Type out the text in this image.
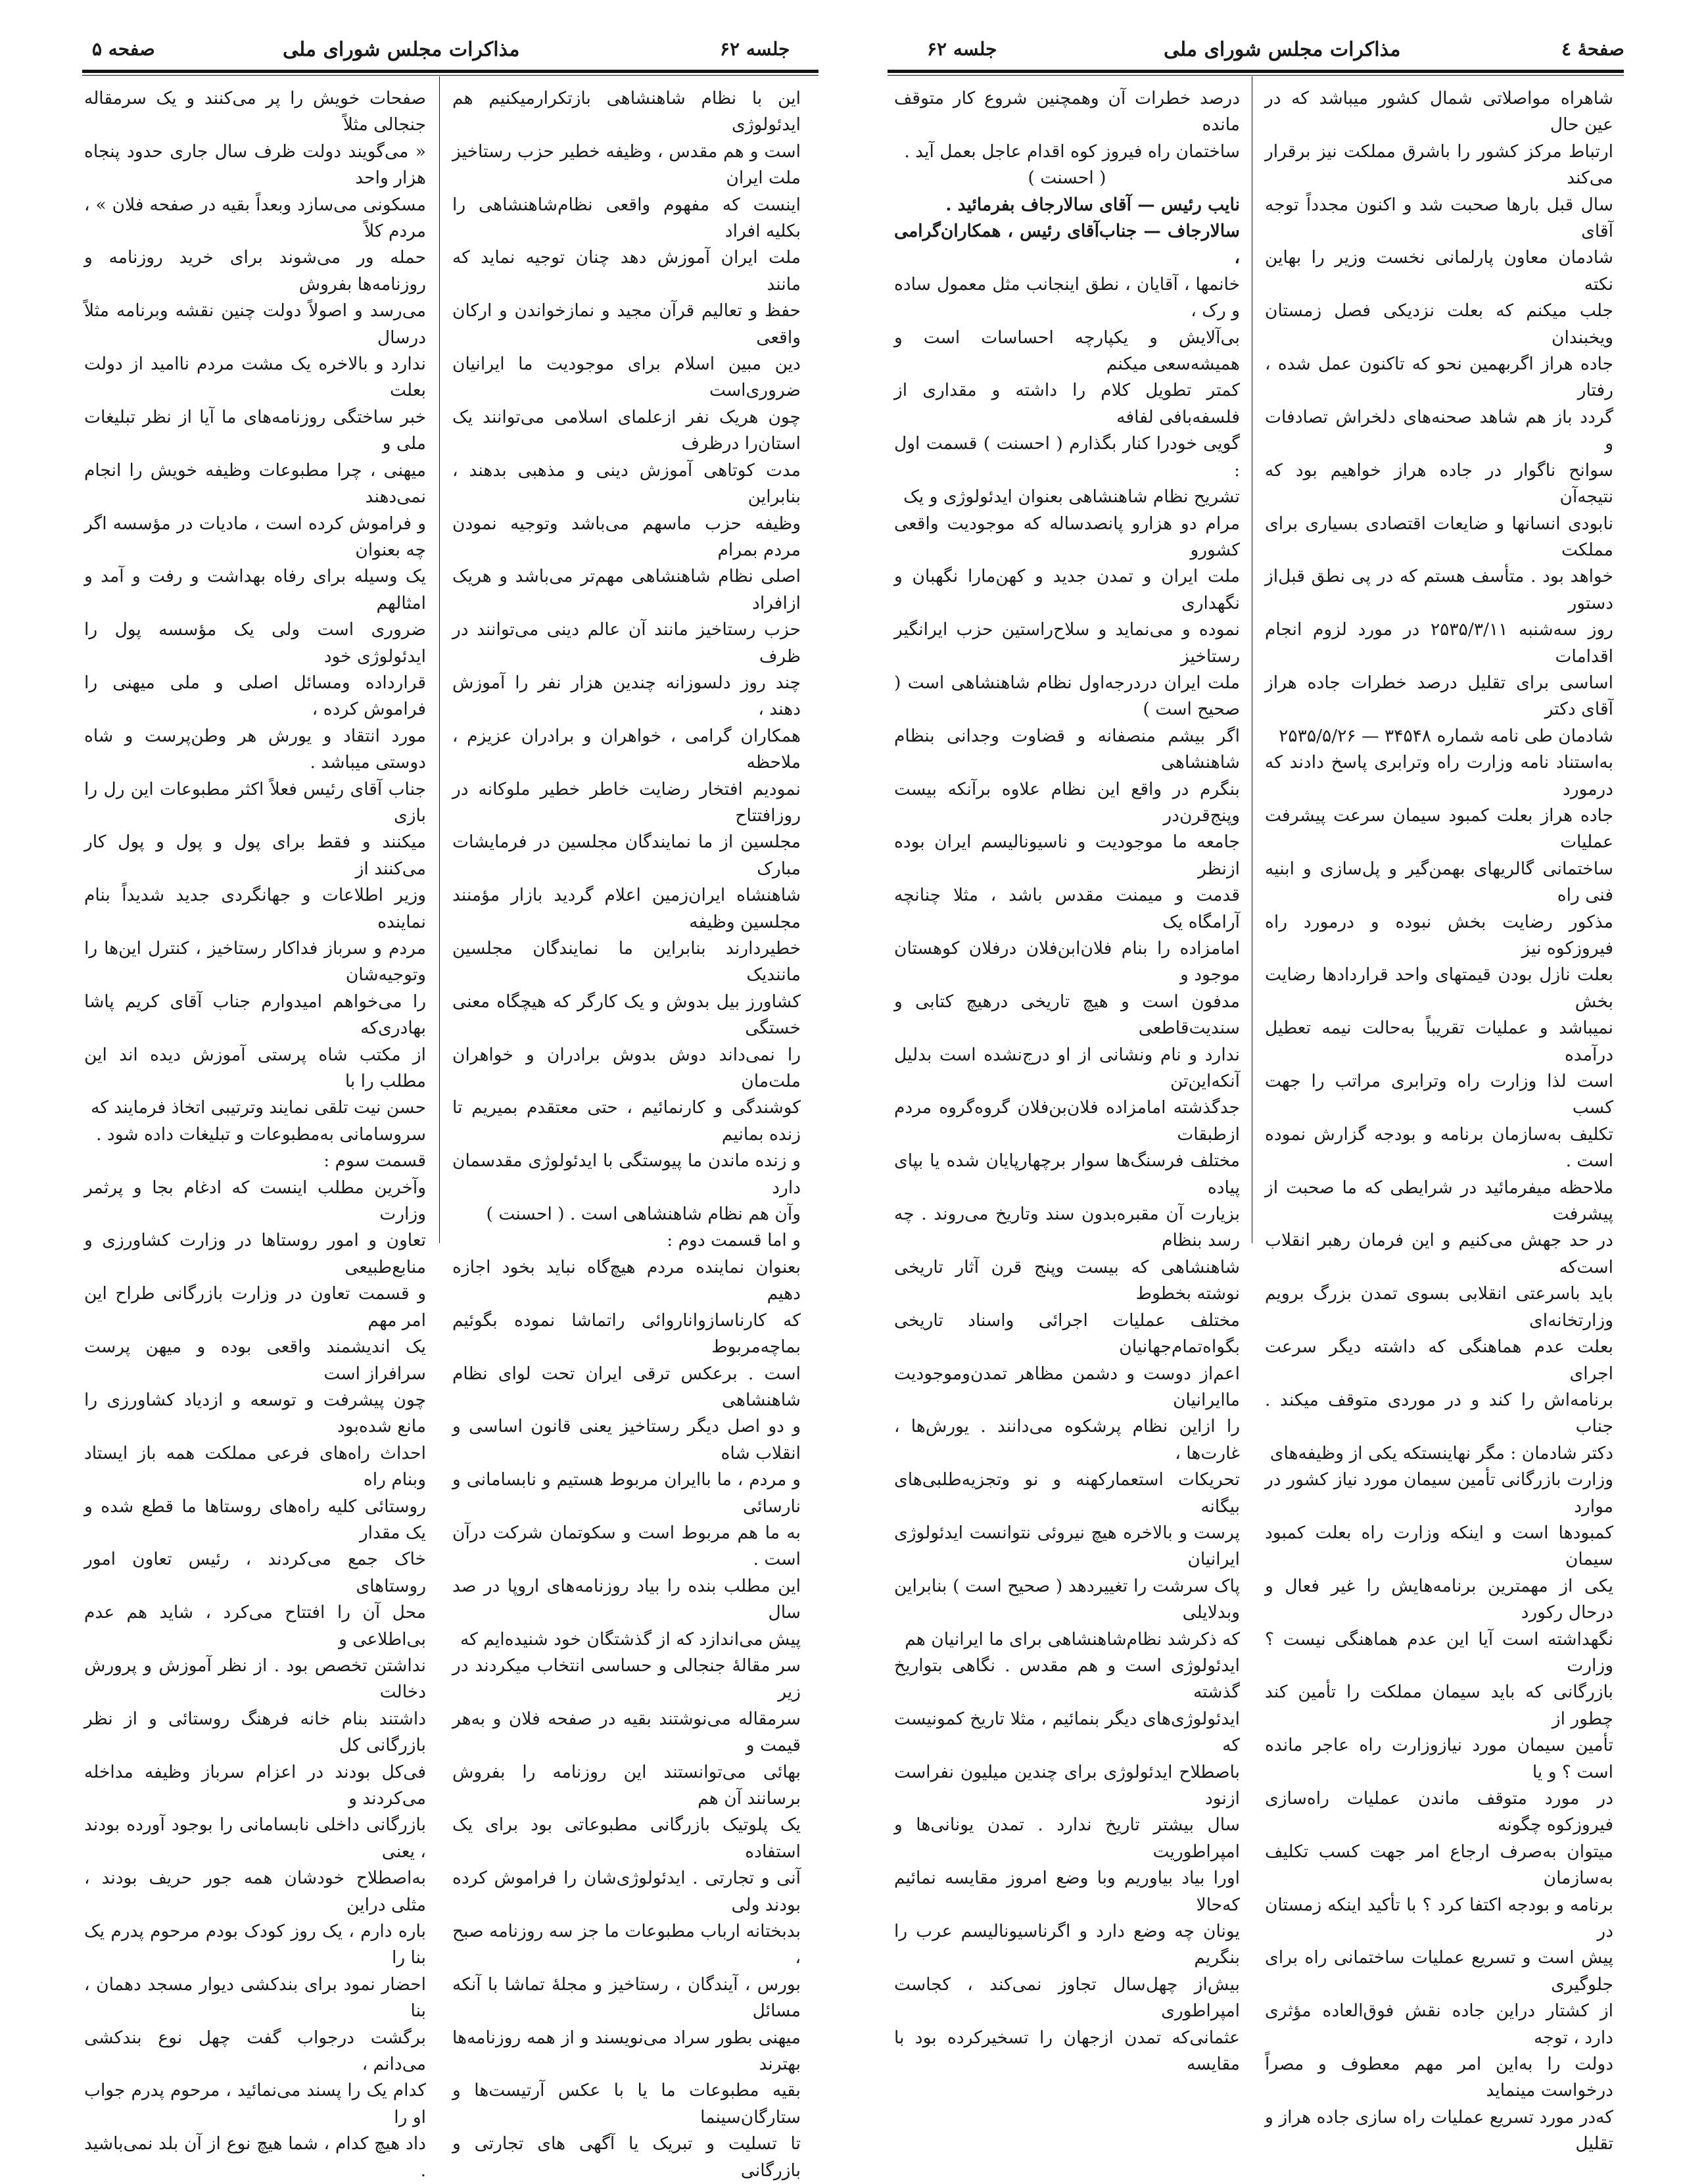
صفحه ۵	مذاکرات مجلس شورای ملی	جلسه ۶۲

صفحات خویش را پر می‌کنند و یک سرمقاله جنجالی مثلاً

« می‌گویند دولت ظرف سال جاری حدود پنجاه هزار واحد

مسکونی می‌سازد وبعداً بقیه در صفحه فلان » ، مردم کلاً

حمله ور می‌شوند برای خرید روزنامه و روزنامه‌ها بفروش

می‌رسد و اصولاً دولت چنین نقشه وبرنامه مثلاً درسال

ندارد و بالاخره یک مشت مردم ناامید از دولت بعلت

خبر ساختگی روزنامه‌های ما آیا از نظر تبلیغات ملی و

میهنی ، چرا مطبوعات وظیفه خویش را انجام نمی‌دهند

و فراموش کرده است ، مادیات در مؤسسه اگر چه بعنوان

یک وسیله برای رفاه بهداشت و رفت و آمد و امثالهم

ضروری است ولی یک مؤسسه پول را ایدئولوژی خود

قرارداده ومسائل اصلی و ملی میهنی را فراموش کرده ،

مورد انتقاد و یورش هر وطن‌پرست و شاه دوستی میباشد .

جناب آقای رئیس فعلاً اکثر مطبوعات این رل را بازی

میکنند و فقط برای پول و پول و پول کار می‌کنند از

وزیر اطلاعات و جهانگردی جدید شدیداً بنام نماینده

مردم و سرباز فداکار رستاخیز ، کنترل این‌ها را وتوجیه‌شان

را می‌خواهم امیدوارم جناب آقای کریم پاشا بهادری‌که

از مکتب شاه پرستی آموزش دیده اند این مطلب را با

حسن نیت تلقی نمایند وترتیبی اتخاذ فرمایند که

سروسامانی به‌مطبوعات و تبلیغات داده شود .

قسمت سوم :

وآخرین مطلب اینست که ادغام بجا و پرثمر وزارت

تعاون و امور روستاها در وزارت کشاورزی و منابع‌طبیعی

و قسمت تعاون در وزارت بازرگانی طراح این امر مهم

یک اندیشمند واقعی بوده و میهن پرست سرافراز است

چون پیشرفت و توسعه و ازدیاد کشاورزی را مانع شده‌بود

احداث راه‌های فرعی مملکت همه باز ایستاد وبنام راه

روستائی کلیه راه‌های روستاها ما قطع شده و یک مقدار

خاک جمع می‌کردند ، رئیس تعاون امور روستاهای

محل آن را افتتاح می‌کرد ، شاید هم عدم بی‌اطلاعی و

نداشتن تخصص بود . از نظر آموزش و پرورش دخالت

داشتند بنام خانه فرهنگ روستائی و از نظر بازرگانی کل

فی‌کل بودند در اعزام سرباز وظیفه مداخله می‌کردند و

بازرگانی داخلی نابسامانی را بوجود آورده بودند ، یعنی

به‌اصطلاح خودشان همه جور حریف بودند ، مثلی دراین

باره دارم ، یک روز کودک بودم مرحوم پدرم یک بنا را

احضار نمود برای بندکشی دیوار مسجد دهمان ، بنا

برگشت درجواب گفت چهل نوع بندکشی می‌دانم ،

کدام یک را پسند می‌نمائید ، مرحوم پدرم جواب او را

داد هیچ کدام ، شما هیچ نوع از آن بلد نمی‌باشید .

این با نظام شاهنشاهی بازتکرارمیکنیم هم ایدئولوژی

است و هم مقدس ، وظیفه خطیر حزب رستاخیز ملت ایران

اینست که مفهوم واقعی نظام‌شاهنشاهی را بکلیه افراد

ملت ایران آموزش دهد چنان توجیه نماید که مانند

حفظ و تعالیم قرآن مجید و نمازخواندن و ارکان واقعی

دین مبین اسلام برای موجودیت ما ایرانیان ضروری‌است

چون هریک نفر ازعلمای اسلامی می‌توانند یک استان‌را درظرف

مدت کوتاهی آموزش دینی و مذهبی بدهند ، بنابراین

وظیفه حزب ماسهم می‌باشد وتوجیه نمودن مردم بمرام

اصلی نظام شاهنشاهی مهم‌تر می‌باشد و هریک ازافراد

حزب رستاخیز مانند آن عالم دینی می‌توانند در ظرف

چند روز دلسوزانه چندین هزار نفر را آموزش دهند ،

همکاران گرامی ، خواهران و برادران عزیزم ، ملاحظه

نمودیم افتخار رضایت خاطر خطیر ملوکانه در روزافتتاح

مجلسین از ما نمایندگان مجلسین در فرمایشات مبارک

شاهنشاه ایران‌زمین اعلام گردید بازار مؤمنند مجلسین وظیفه

خطیردارند بنابراین ما نمایندگان مجلسین مانندیک

کشاورز بیل بدوش و یک کارگر که هیچگاه معنی خستگی

را نمی‌داند دوش بدوش برادران و خواهران ملت‌مان

کوشندگی و کارنمائیم ، حتی معتقدم بمیریم تا زنده بمانیم

و زنده ماندن ما پیوستگی با ایدئولوژی مقدسمان دارد

وآن هم نظام شاهنشاهی است . ( احسنت )

و اما قسمت دوم :

بعنوان نماینده مردم هیچ‌گاه نباید بخود اجازه دهیم

که کارناسازواناروائی راتماشا نموده بگوئیم بماچه‌مربوط

است . برعکس ترقی ایران تحت لوای نظام شاهنشاهی

و دو اصل دیگر رستاخیز یعنی قانون اساسی و انقلاب شاه

و مردم ، ما باایران مربوط هستیم و نابسامانی و نارسائی

به ما هم مربوط است و سکوتمان شرکت درآن است .

این مطلب بنده را بیاد روزنامه‌های اروپا در صد سال

پیش می‌اندازد که از گذشتگان خود شنیده‌ایم که

سر مقالهٔ جنجالی و حساسی انتخاب میکردند در زیر

سرمقاله می‌نوشتند بقیه در صفحه فلان و به‌هر قیمت و

بهائی می‌توانستند این روزنامه را بفروش برسانند آن هم

یک پلوتیک بازرگانی مطبوعاتی بود برای یک استفاده

آنی و تجارتی . ایدئولوژی‌شان را فراموش کرده بودند ولی

بدبختانه ارباب مطبوعات ما جز سه روزنامه صبح ،

بورس ، آیندگان ، رستاخیز و مجلهٔ تماشا با آنکه مسائل

میهنی بطور سراد می‌نویسند و از همه روزنامه‌ها بهترند

بقیه مطبوعات ما یا با عکس آرتیست‌ها و ستارگان‌سینما

تا تسلیت و تبریک یا آگهی های تجارتی و بازرگانی

جلسه ۶۲	مذاکرات مجلس شورای ملی	صفحهٔ ٤

درصد خطرات آن وهمچنین شروع کار متوقف مانده

ساختمان راه فیروز کوه اقدام عاجل بعمل آید .

( احسنت )

نایب رئیس — آقای سالارجاف بفرمائید .

سالارجاف — جناب‌آقای رئیس ، همکاران‌گرامی ،

خانمها ، آقایان ، نطق اینجانب مثل معمول ساده و رک ،

بی‌آلایش و یکپارچه احساسات است و همیشه‌سعی میکنم

کمتر تطویل کلام را داشته و مقداری از فلسفه‌بافی لفافه

گویی خودرا کنار بگذارم ( احسنت ) قسمت اول :

تشریح نظام شاهنشاهی بعنوان ایدئولوژی و یک

مرام دو هزارو پانصدساله که موجودیت واقعی کشورو

ملت ایران و تمدن جدید و کهن‌مارا نگهبان و نگهداری

نموده و می‌نماید و سلاح‌راستین حزب ایرانگیر رستاخیز

ملت ایران دردرجه‌اول نظام شاهنشاهی است ( صحیح است )

اگر بیشم منصفانه و قضاوت وجدانی بنظام شاهنشاهی

بنگرم در واقع این نظام علاوه برآنکه بیست وپنج‌قرن‌در

جامعه ما موجودیت و ناسیونالیسم ایران بوده ازنظر

قدمت و میمنت مقدس باشد ، مثلا چنانچه آرامگاه یک

امامزاده را بنام فلان‌ابن‌فلان درفلان کوهستان موجود و

مدفون است و هیچ تاریخی درهیچ کتابی و سندیت‌قاطعی

ندارد و نام ونشانی از او درج‌نشده است بدلیل آنکه‌این‌تن

جدگذشته امامزاده فلان‌بن‌فلان گروه‌گروه مردم ازطبقات

مختلف فرسنگ‌ها سوار برچهارپایان شده یا بپای پیاده

بزیارت آن مقبره‌بدون سند وتاریخ می‌روند . چه رسد بنظام

شاهنشاهی که بیست وپنج قرن آثار تاریخی نوشته بخطوط

مختلف عملیات اجرائی واسناد تاریخی بگواه‌تمام‌جهانیان

اعم‌از دوست و دشمن مظاهر تمدن‌وموجودیت ما‌ایرانیان

را ازاین نظام پرشکوه می‌دانند . یورش‌ها ، غارت‌ها ،

تحریکات استعمارکهنه و نو وتجزیه‌طلبی‌های بیگانه

پرست و بالاخره هیچ نیروئی نتوانست ایدئولوژی ایرانیان

پاک سرشت را تغییردهد ( صحیح است ) بنابراین وبدلایلی

که ذکرشد نظام‌شاهنشاهی برای ما ایرانیان هم

ایدئولوژی است و هم مقدس . نگاهی بتواریخ گذشته

ایدئولوژی‌های دیگر بنمائیم ، مثلا تاریخ کمونیست که

باصطلاح ایدئولوژی برای چندین میلیون نفراست ازنود

سال بیشتر تاریخ ندارد . تمدن یونانی‌ها و امپراطوریت

اورا بیاد بیاوریم وبا وضع امروز مقایسه نمائیم که‌حالا

یونان چه وضع دارد و اگرناسیونالیسم عرب را بنگریم

بیش‌از چهل‌سال تجاوز نمی‌کند ، کجاست امپراطوری

عثمانی‌که تمدن ازجهان را تسخیرکرده بود با مقایسه

شاهراه مواصلاتی شمال کشور میباشد که در عین حال

ارتباط مرکز کشور را باشرق مملکت نیز برقرار می‌کند

سال قبل بارها صحبت شد و اکنون مجدداً توجه آقای

شادمان معاون پارلمانی نخست وزیر را بهاین نکته

جلب میکنم که بعلت نزدیکی فصل زمستان ویخبندان

جاده هراز اگربهمین نحو که تاکنون عمل شده ، رفتار

گردد باز هم شاهد صحنه‌های دلخراش تصادفات و

سوانح ناگوار در جاده هراز خواهیم بود که نتیجه‌آن

نابودی انسانها و ضایعات اقتصادی بسیاری برای مملکت

خواهد بود . متأسف هستم که در پی نطق قبل‌از دستور

روز سه‌شنبه ۲۵۳۵/۳/۱۱ در مورد لزوم انجام اقدامات

اساسی برای تقلیل درصد خطرات جاده هراز آقای دکتر

شادمان طی نامه شماره ۳۴۵۴۸ — ۲۵۳۵/۵/۲۶

به‌استناد نامه وزارت راه وترابری پاسخ دادند که درمورد

جاده هراز بعلت کمبود سیمان سرعت پیشرفت عملیات

ساختمانی گالریهای بهمن‌گیر و پل‌سازی و ابنیه فنی راه

مذکور رضایت بخش نبوده و درمورد راه فیروزکوه نیز

بعلت نازل بودن قیمتهای واحد قراردادها رضایت بخش

نمیباشد و عملیات تقریباً به‌حالت نیمه تعطیل درآمده

است لذا وزارت راه وترابری مراتب را جهت کسب

تکلیف به‌سازمان برنامه و بودجه گزارش نموده است .

ملاحظه میفرمائید در شرایطی که ما صحبت از پیشرفت

در حد جهش می‌کنیم و این فرمان رهبر انقلاب است‌که

باید باسرعتی انقلابی بسوی تمدن بزرگ برویم وزارتخانه‌ای

بعلت عدم هماهنگی که داشته دیگر سرعت اجرای

برنامه‌اش را کند و در موردی متوقف میکند . جناب

دکتر شادمان : مگر نهاینستکه یکی از وظیفه‌های

وزارت بازرگانی تأمین سیمان مورد نیاز کشور در موارد

کمبودها است و اینکه وزارت راه بعلت کمبود سیمان

یکی از مهمترین برنامه‌هایش را غیر فعال و درحال رکورد

نگهداشته است آیا این عدم هماهنگی نیست ؟ وزارت

بازرگانی که باید سیمان مملکت را تأمین کند چطور از

تأمین سیمان مورد نیازوزارت راه عاجر مانده است ؟ و یا

در مورد متوقف ماندن عملیات راه‌سازی فیروزکوه چگونه

میتوان به‌صرف ارجاع امر جهت کسب تکلیف به‌سازمان

برنامه و بودجه اکتفا کرد ؟ با تأکید اینکه زمستان در

پیش است و تسریع عملیات ساختمانی راه برای جلوگیری

از کشتار دراین جاده نقش فوق‌العاده مؤثری دارد ، توجه

دولت را به‌این امر مهم معطوف و مصراً درخواست مینماید

که‌در مورد تسریع عملیات راه سازی جاده هراز و تقلیل
